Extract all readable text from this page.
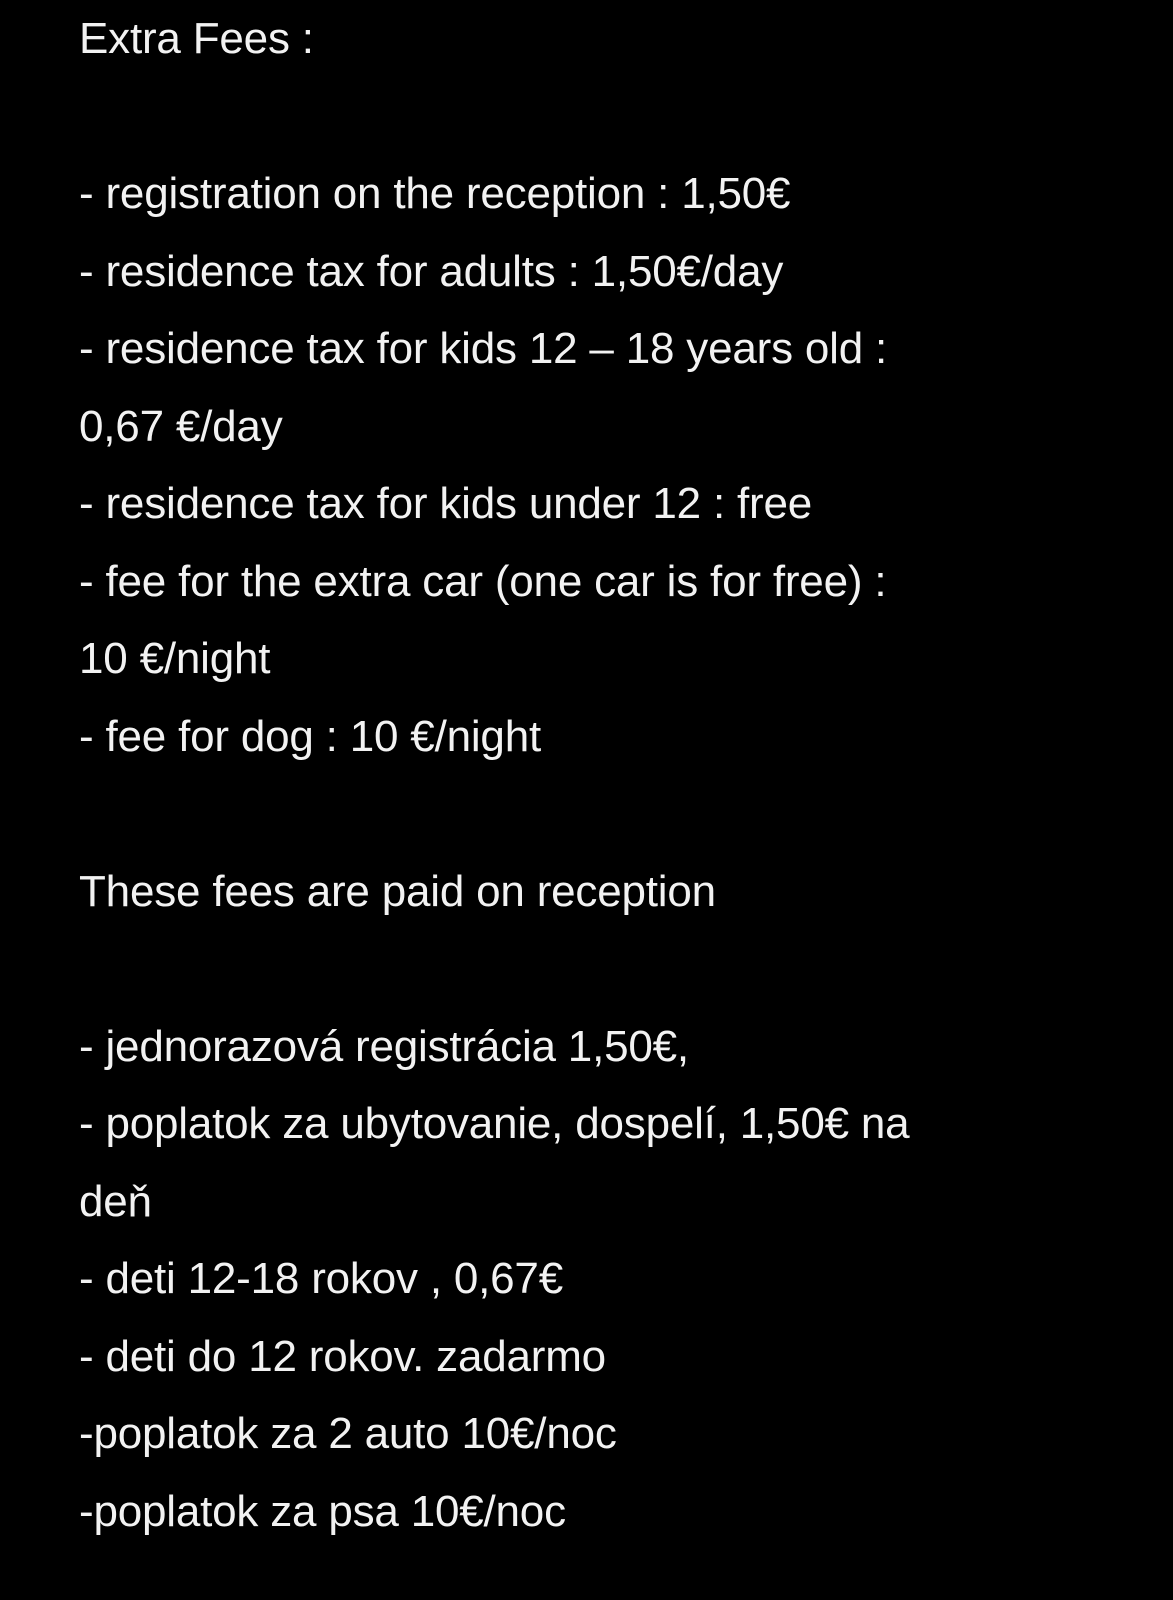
Extra Fees :
- registration on the reception : 1,50€
- residence tax for adults : 1,50€/day
- residence tax for kids 12 – 18 years old :
0,67 €/day
- residence tax for kids under 12 : free
- fee for the extra car (one car is for free) :
10 €/night
- fee for dog : 10 €/night
These fees are paid on reception
- jednorazová registrácia 1,50€,
- poplatok za ubytovanie, dospelí, 1,50€ na
deň
- deti 12-18 rokov , 0,67€
- deti do 12 rokov. zadarmo
-poplatok za 2 auto 10€/noc
-poplatok za psa 10€/noc
